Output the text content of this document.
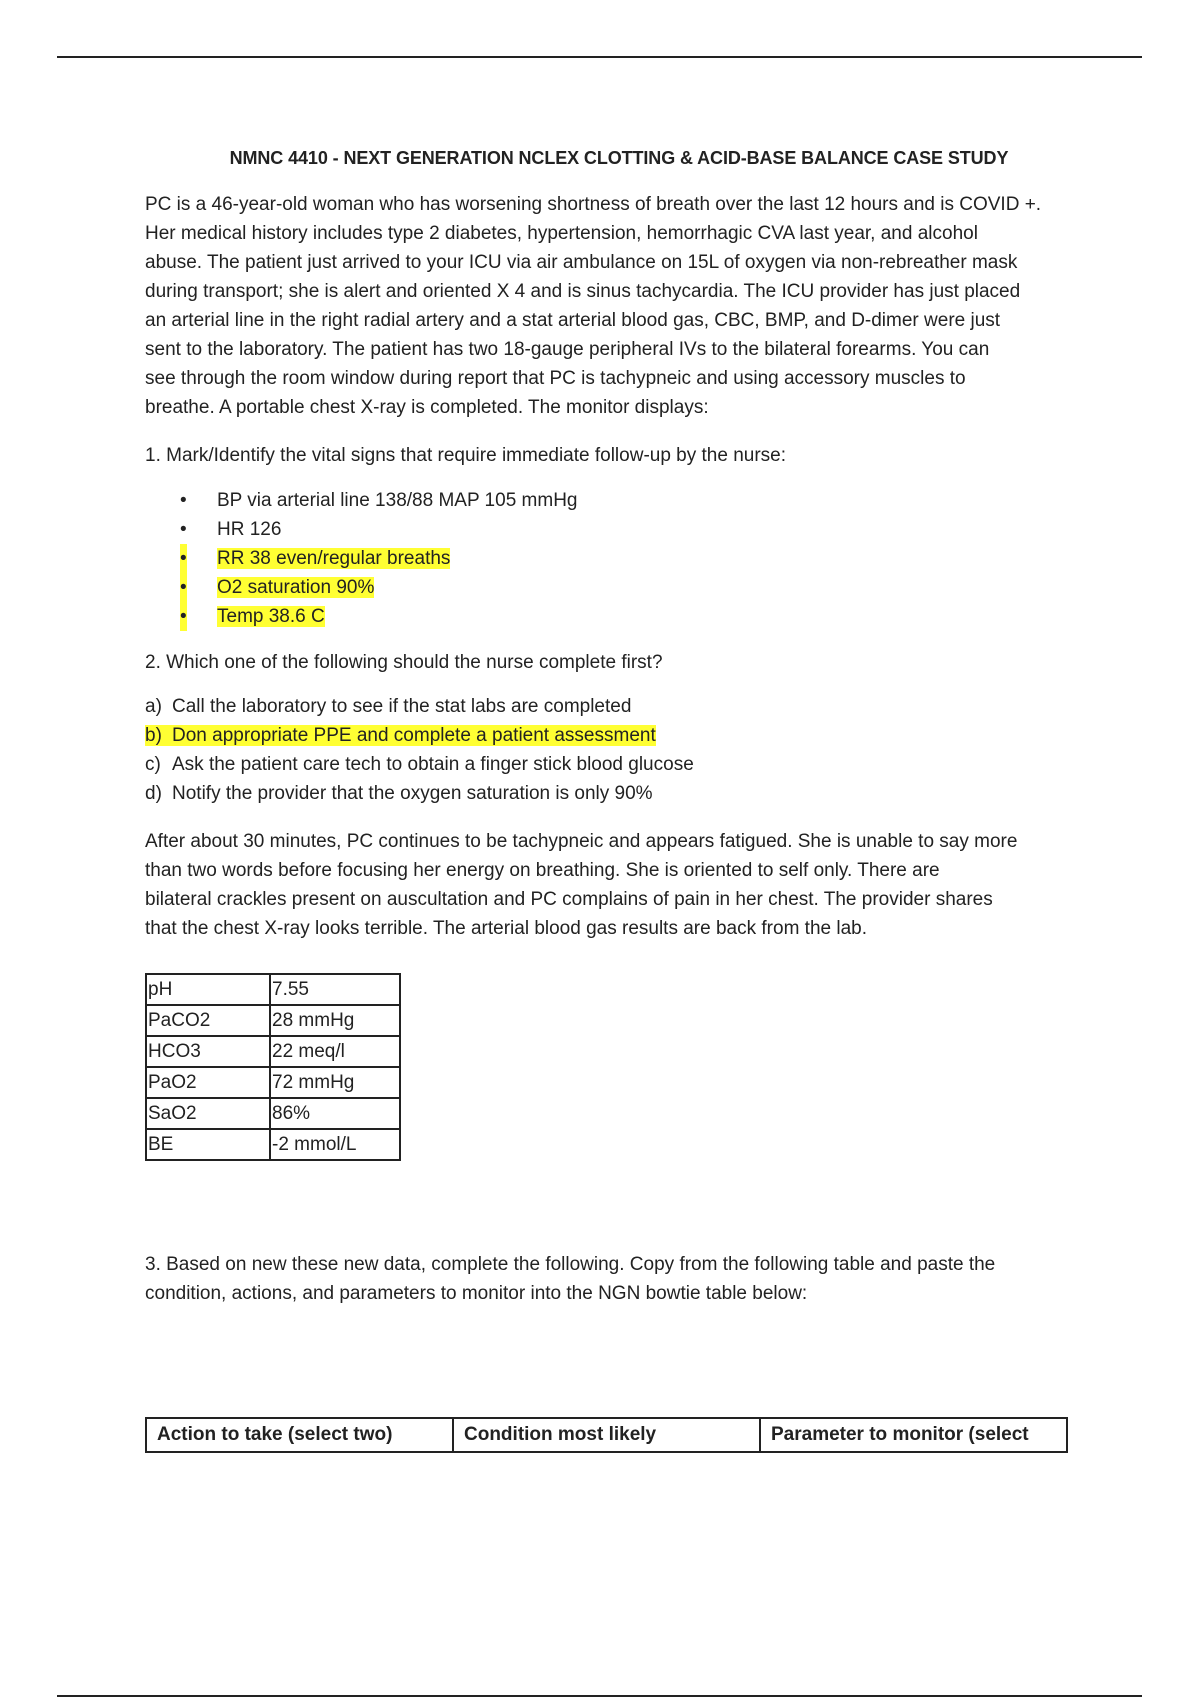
NMNC 4410 - NEXT GENERATION NCLEX CLOTTING & ACID-BASE BALANCE CASE STUDY

PC is a 46-year-old woman who has worsening shortness of breath over the last 12 hours and is COVID +.
Her medical history includes type 2 diabetes, hypertension, hemorrhagic CVA last year, and alcohol
abuse. The patient just arrived to your ICU via air ambulance on 15L of oxygen via non-rebreather mask
during transport; she is alert and oriented X 4 and is sinus tachycardia. The ICU provider has just placed
an arterial line in the right radial artery and a stat arterial blood gas, CBC, BMP, and D-dimer were just
sent to the laboratory. The patient has two 18-gauge peripheral IVs to the bilateral forearms. You can
see through the room window during report that PC is tachypneic and using accessory muscles to
breathe. A portable chest X-ray is completed. The monitor displays:

1. Mark/Identify the vital signs that require immediate follow-up by the nurse:

• BP via arterial line 138/88 MAP 105 mmHg
• HR 126
• RR 38 even/regular breaths
• O2 saturation 90%
• Temp 38.6 C

2. Which one of the following should the nurse complete first?

a) Call the laboratory to see if the stat labs are completed
b) Don appropriate PPE and complete a patient assessment
c) Ask the patient care tech to obtain a finger stick blood glucose
d) Notify the provider that the oxygen saturation is only 90%

After about 30 minutes, PC continues to be tachypneic and appears fatigued. She is unable to say more
than two words before focusing her energy on breathing. She is oriented to self only. There are
bilateral crackles present on auscultation and PC complains of pain in her chest. The provider shares
that the chest X-ray looks terrible. The arterial blood gas results are back from the lab.

pH	7.55
PaCO2	28 mmHg
HCO3	22 meq/l
PaO2	72 mmHg
SaO2	86%
BE	-2 mmol/L

3. Based on new these new data, complete the following. Copy from the following table and paste the
condition, actions, and parameters to monitor into the NGN bowtie table below:

Action to take (select two)	Condition most likely	Parameter to monitor (select
